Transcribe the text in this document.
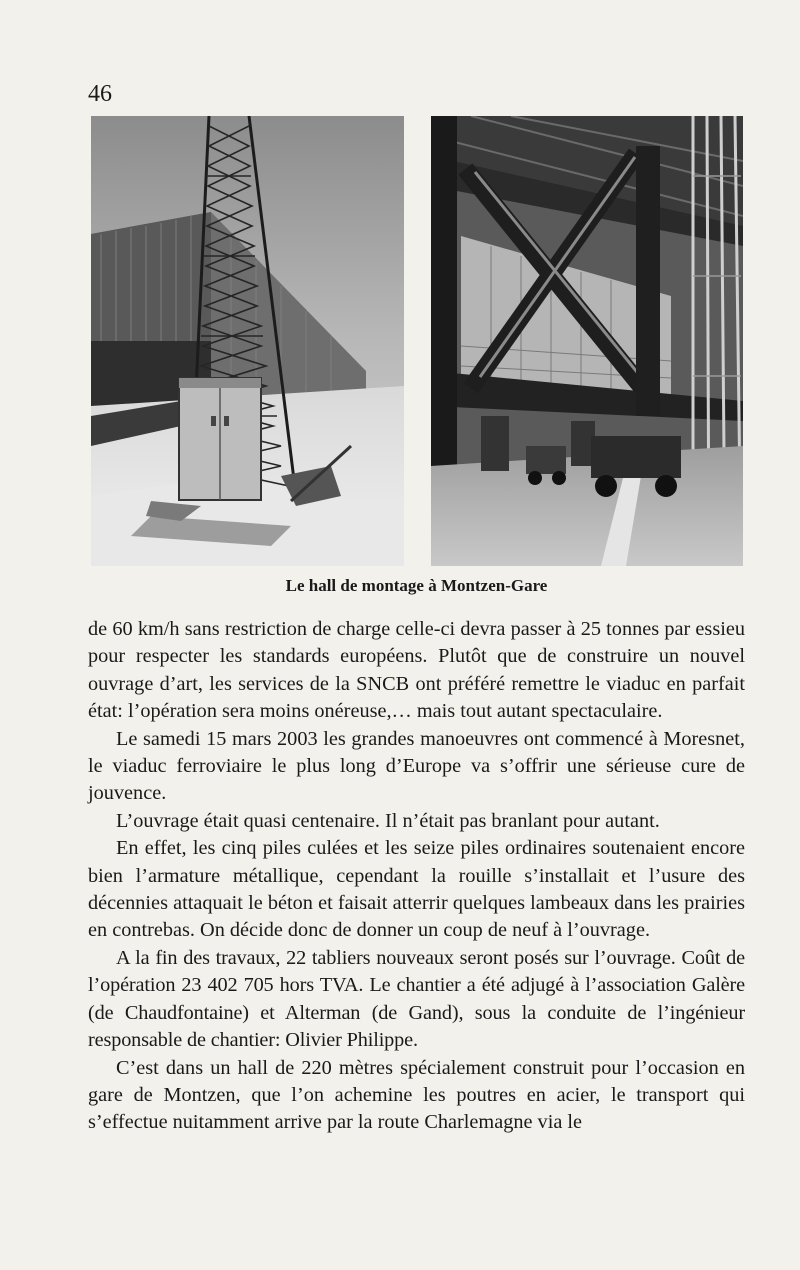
46
Le hall de montage à Montzen-Gare

de 60 km/h sans restriction de charge celle-ci devra passer à 25 tonnes par essieu pour respecter les standards européens. Plutôt que de construire un nouvel ouvrage d’art, les services de la SNCB ont préféré remettre le viaduc en parfait état: l’opération sera moins onéreuse,… mais tout autant spectaculaire.

Le samedi 15 mars 2003 les grandes manoeuvres ont commencé à Moresnet, le viaduc ferroviaire le plus long d’Europe va s’offrir une sérieuse cure de jouvence.

L’ouvrage était quasi centenaire. Il n’était pas branlant pour autant.

En effet, les cinq piles culées et les seize piles ordinaires soutenaient encore bien l’armature métallique, cependant la rouille s’installait et l’usure des décennies attaquait le béton et faisait atterrir quelques lambeaux dans les prairies en contrebas. On décide donc de donner un coup de neuf à l’ouvrage.

A la fin des travaux, 22 tabliers nouveaux seront posés sur l’ouvrage. Coût de l’opération 23 402 705 hors TVA. Le chantier a été adjugé à l’association Galère (de Chaudfontaine) et Alterman (de Gand), sous la conduite de l’ingénieur responsable de chantier: Olivier Philippe.

C’est dans un hall de 220 mètres spécialement construit pour l’occasion en gare de Montzen, que l’on achemine les poutres en acier, le transport qui s’effectue nuitamment arrive par la route Charlemagne via le
